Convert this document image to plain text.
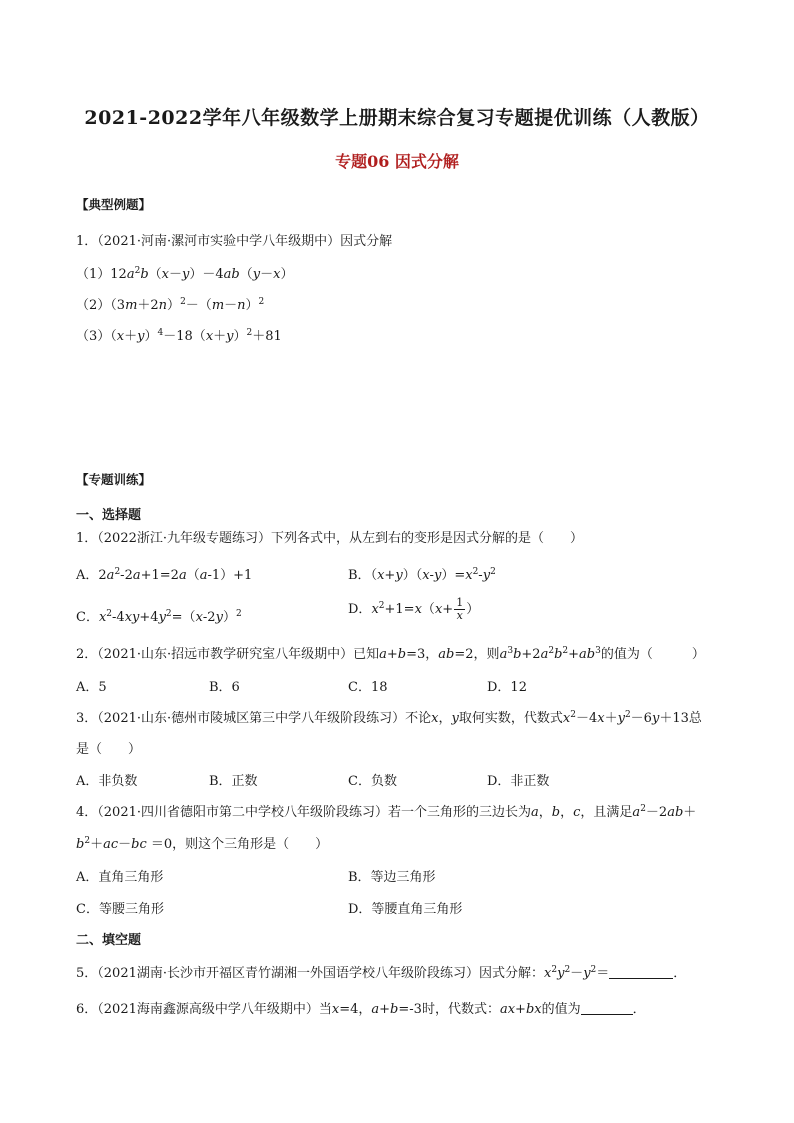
2021-2022学年八年级数学上册期末综合复习专题提优训练（人教版）
专题06 因式分解
【典型例题】
1．（2021·河南·漯河市实验中学八年级期中）因式分解
$(1)12a^2b(x-y)-4ab(y-x)$
$(2)(3m+2n)^2-(m-n)^2$
$(3)(x+y)^4-18(x+y)^2+81$
【专题训练】
一、选择题
1．（2022浙江·九年级专题练习）下列各式中，从左到右的变形是因式分解的是（　　）
A．$2a^2-2a+1=2a(a-1)+1$	B．$(x+y)(x-y)=x^2-y^2$
C．$x^2-4xy+4y^2=(x-2y)^2$	D．$x^2+1=x(x+ \frac{1}{x}$ ）
2．（2021·山东·招远市教学研究室八年级期中）已知a+b=3，ab=2，则$a^3b+2a^2b^2+ab^3$的值为（　　　）
A．5	B．6	C．18	D．12
3．（2021·山东·德州市陵城区第三中学八年级阶段练习）不论x，y取何实数，代数式$x^2-4x+y^2-6y+13$总
是（　　）
A．非负数	B．正数	C．负数	D．非正数
4．（2021·四川省德阳市第二中学校八年级阶段练习）若一个三角形的三边长为a，b，c，且满足$a^2-2ab+$
$b^2+ac-bc =0$，则这个三角形是（　　）
A．直角三角形	B．等边三角形
C．等腰三角形	D．等腰直角三角形
二、填空题
5．（2021湖南·长沙市开福区青竹湖湘一外国语学校八年级阶段练习）因式分解：$x^2y^2-y^2=$	．
6．（2021海南鑫源高级中学八年级期中）当x=4，a+b=-3时，代数式：ax+bx的值为	．
